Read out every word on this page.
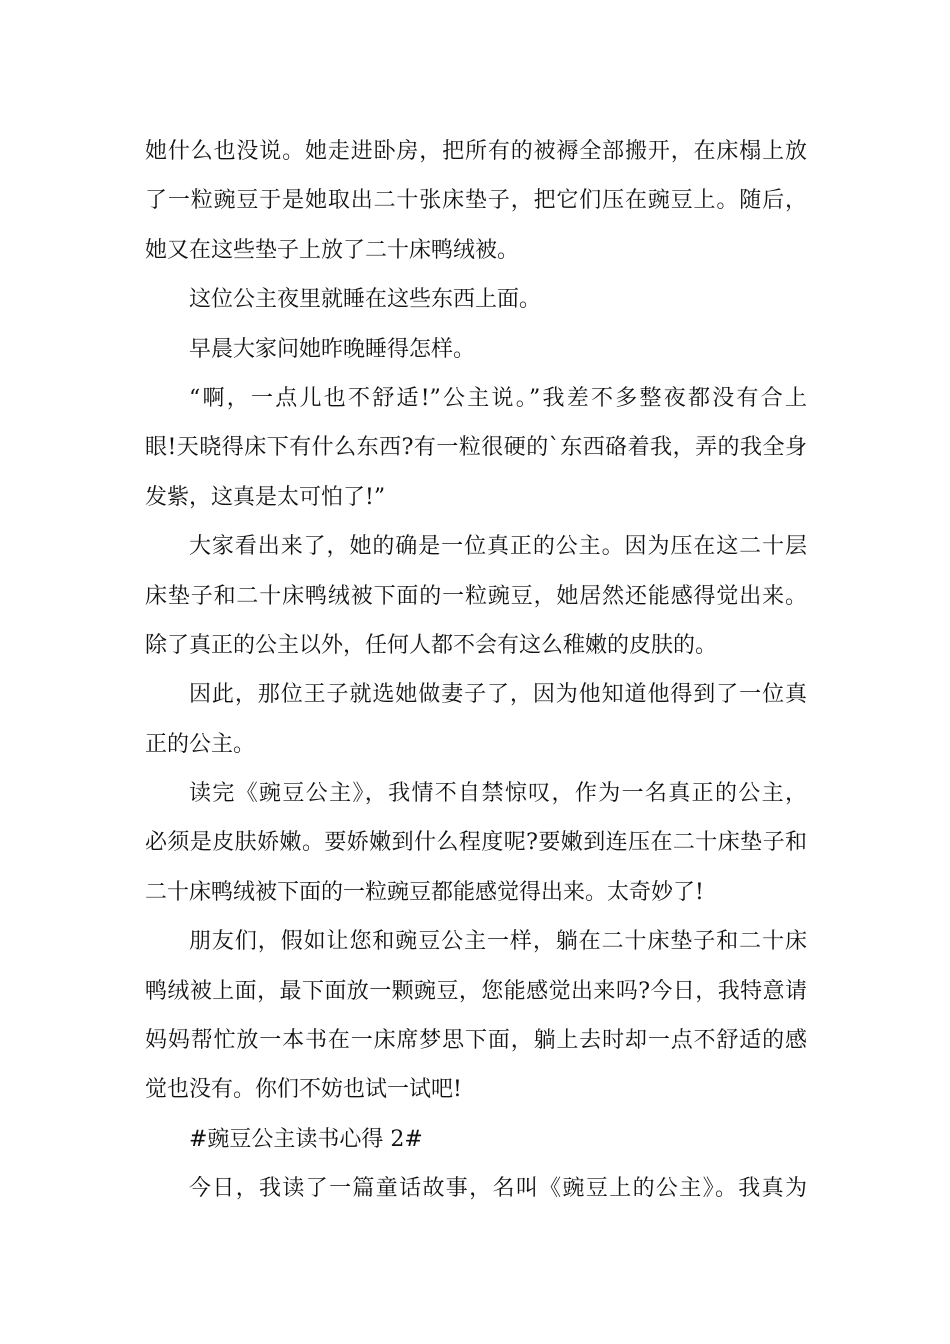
她什么也没说。她走进卧房，把所有的被褥全部搬开，在床榻上放
了一粒豌豆于是她取出二十张床垫子，把它们压在豌豆上。随后，
她又在这些垫子上放了二十床鸭绒被。
这位公主夜里就睡在这些东西上面。
早晨大家问她昨晚睡得怎样。
“啊，一点儿也不舒适!”公主说。”我差不多整夜都没有合上
眼!天晓得床下有什么东西?有一粒很硬的`东西硌着我，弄的我全身
发紫，这真是太可怕了!”
大家看出来了，她的确是一位真正的公主。因为压在这二十层
床垫子和二十床鸭绒被下面的一粒豌豆，她居然还能感得觉出来。
除了真正的公主以外，任何人都不会有这么稚嫩的皮肤的。
因此，那位王子就选她做妻子了，因为他知道他得到了一位真
正的公主。
读完《豌豆公主》，我情不自禁惊叹，作为一名真正的公主，
必须是皮肤娇嫩。要娇嫩到什么程度呢?要嫩到连压在二十床垫子和
二十床鸭绒被下面的一粒豌豆都能感觉得出来。太奇妙了!
朋友们，假如让您和豌豆公主一样，躺在二十床垫子和二十床
鸭绒被上面，最下面放一颗豌豆，您能感觉出来吗?今日，我特意请
妈妈帮忙放一本书在一床席梦思下面，躺上去时却一点不舒适的感
觉也没有。你们不妨也试一试吧!
#豌豆公主读书心得 2#
今日，我读了一篇童话故事，名叫《豌豆上的公主》。我真为
